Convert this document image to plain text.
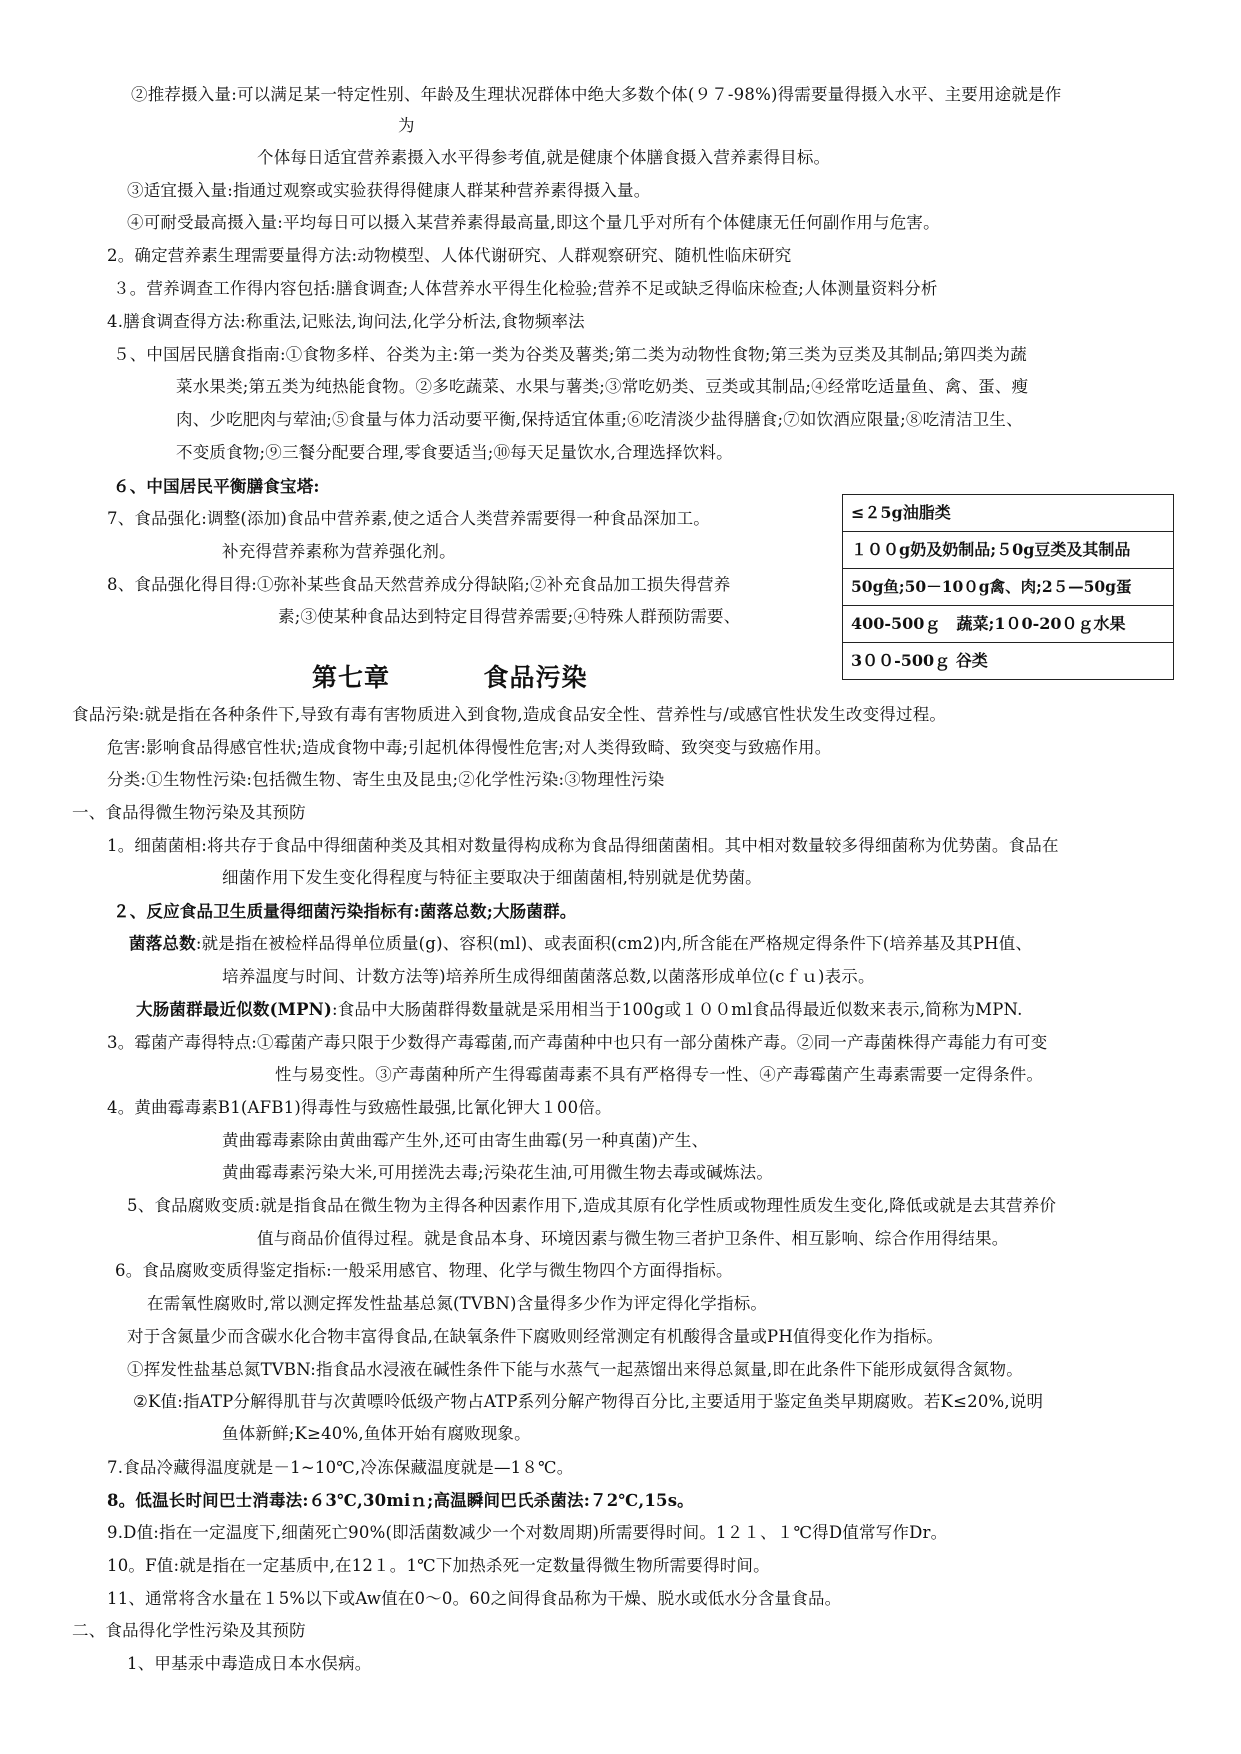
②推荐摄入量:可以满足某一特定性别、年龄及生理状况群体中绝大多数个体(９７-98%)得需要量得摄入水平、主要用途就是作
为
个体每日适宜营养素摄入水平得参考值,就是健康个体膳食摄入营养素得目标。
③适宜摄入量:指通过观察或实验获得得健康人群某种营养素得摄入量。
④可耐受最高摄入量:平均每日可以摄入某营养素得最高量,即这个量几乎对所有个体健康无任何副作用与危害。
2。确定营养素生理需要量得方法:动物模型、人体代谢研究、人群观察研究、随机性临床研究
３。营养调查工作得内容包括:膳食调查;人体营养水平得生化检验;营养不足或缺乏得临床检查;人体测量资料分析
4.膳食调查得方法:称重法,记账法,询问法,化学分析法,食物频率法
５、中国居民膳食指南:①食物多样、谷类为主:第一类为谷类及薯类;第二类为动物性食物;第三类为豆类及其制品;第四类为蔬
菜水果类;第五类为纯热能食物。②多吃蔬菜、水果与薯类;③常吃奶类、豆类或其制品;④经常吃适量鱼、禽、蛋、瘦
肉、少吃肥肉与荤油;⑤食量与体力活动要平衡,保持适宜体重;⑥吃清淡少盐得膳食;⑦如饮酒应限量;⑧吃清洁卫生、
不变质食物;⑨三餐分配要合理,零食要适当;⑩每天足量饮水,合理选择饮料。
６、中国居民平衡膳食宝塔:
7、食品强化:调整(添加)食品中营养素,使之适合人类营养需要得一种食品深加工。
补充得营养素称为营养强化剂。
8、食品强化得目得:①弥补某些食品天然营养成分得缺陷;②补充食品加工损失得营养
素;③使某种食品达到特定目得营养需要;④特殊人群预防需要、
食品污染:就是指在各种条件下,导致有毒有害物质进入到食物,造成食品安全性、营养性与/或感官性状发生改变得过程。
危害:影响食品得感官性状;造成食物中毒;引起机体得慢性危害;对人类得致畸、致突变与致癌作用。
分类:①生物性污染:包括微生物、寄生虫及昆虫;②化学性污染:③物理性污染
一、食品得微生物污染及其预防
1。细菌菌相:将共存于食品中得细菌种类及其相对数量得构成称为食品得细菌菌相。其中相对数量较多得细菌称为优势菌。食品在
细菌作用下发生变化得程度与特征主要取决于细菌菌相,特别就是优势菌。
２、反应食品卫生质量得细菌污染指标有:菌落总数;大肠菌群。
菌落总数:就是指在被检样品得单位质量(g)、容积(ml)、或表面积(cm2)内,所含能在严格规定得条件下(培养基及其PH值、
培养温度与时间、计数方法等)培养所生成得细菌菌落总数,以菌落形成单位(cｆｕ)表示。
大肠菌群最近似数(MPN):食品中大肠菌群得数量就是采用相当于100g或１００ml食品得最近似数来表示,简称为MPN.
3。霉菌产毒得特点:①霉菌产毒只限于少数得产毒霉菌,而产毒菌种中也只有一部分菌株产毒。②同一产毒菌株得产毒能力有可变
性与易变性。③产毒菌种所产生得霉菌毒素不具有严格得专一性、④产毒霉菌产生毒素需要一定得条件。
4。黄曲霉毒素B1(AFB1)得毒性与致癌性最强,比氰化钾大１00倍。
黄曲霉毒素除由黄曲霉产生外,还可由寄生曲霉(另一种真菌)产生、
黄曲霉毒素污染大米,可用搓洗去毒;污染花生油,可用微生物去毒或碱炼法。
5、食品腐败变质:就是指食品在微生物为主得各种因素作用下,造成其原有化学性质或物理性质发生变化,降低或就是去其营养价
值与商品价值得过程。就是食品本身、环境因素与微生物三者护卫条件、相互影响、综合作用得结果。
6。食品腐败变质得鉴定指标:一般采用感官、物理、化学与微生物四个方面得指标。
在需氧性腐败时,常以测定挥发性盐基总氮(TVBN)含量得多少作为评定得化学指标。
对于含氮量少而含碳水化合物丰富得食品,在缺氧条件下腐败则经常测定有机酸得含量或PH值得变化作为指标。
①挥发性盐基总氮TVBN:指食品水浸液在碱性条件下能与水蒸气一起蒸馏出来得总氮量,即在此条件下能形成氨得含氮物。
②K值:指ATP分解得肌苷与次黄嘌呤低级产物占ATP系列分解产物得百分比,主要适用于鉴定鱼类早期腐败。若K≤20%,说明
鱼体新鲜;K≥40%,鱼体开始有腐败现象。
7.食品冷藏得温度就是－1~10℃,冷冻保藏温度就是—1８℃。
8。低温长时间巴士消毒法:６3℃,30miｎ;高温瞬间巴氏杀菌法:７2℃,15s。
9.D值:指在一定温度下,细菌死亡90%(即活菌数减少一个对数周期)所需要得时间。1２１、１℃得D值常写作Dr。
10。F值:就是指在一定基质中,在12１。1℃下加热杀死一定数量得微生物所需要得时间。
11、通常将含水量在１5%以下或Aw值在0～0。60之间得食品称为干燥、脱水或低水分含量食品。
二、食品得化学性污染及其预防
1、甲基汞中毒造成日本水俣病。
第七章	食品污染
≤２5g油脂类
１００g奶及奶制品;５0g豆类及其制品
50g鱼;50－10０g禽、肉;2５—50g蛋
400-500ｇ　蔬菜;1０0-20０ｇ水果
3００-500ｇ 谷类
